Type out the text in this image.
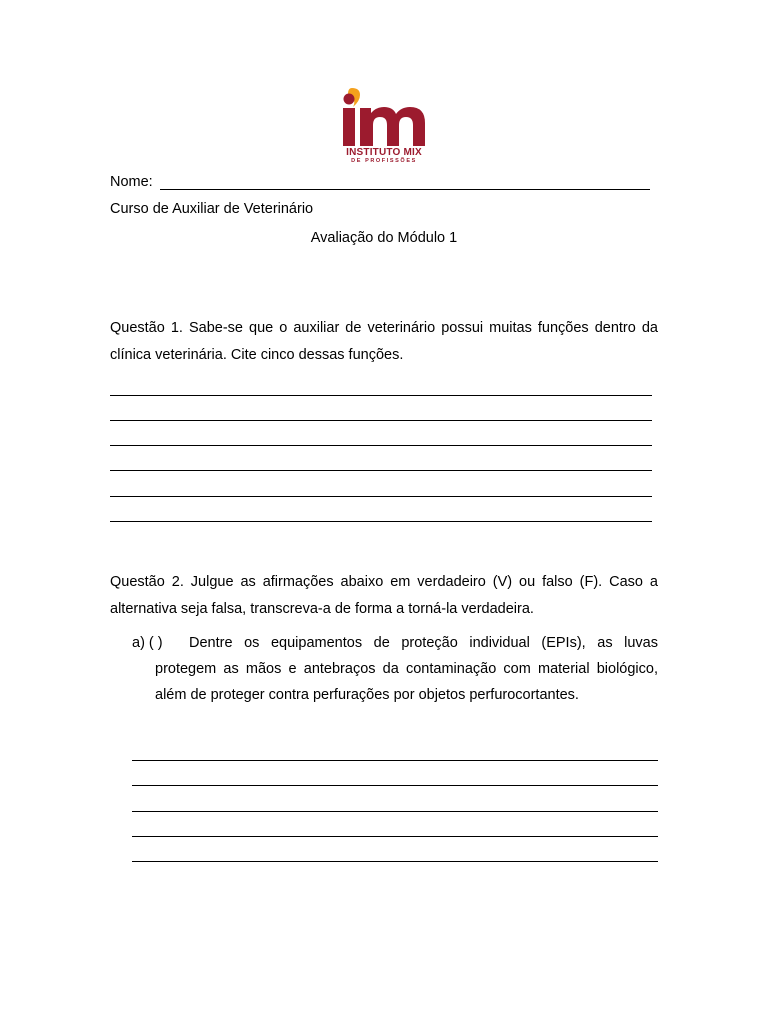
INSTITUTO MIX
DE PROFISSÕES
Nome:
Curso de Auxiliar de Veterinário
Avaliação do Módulo 1
Questão 1. Sabe-se que o auxiliar de veterinário possui muitas funções dentro da clínica veterinária. Cite cinco dessas funções.
Questão 2. Julgue as afirmações abaixo em verdadeiro (V) ou falso (F). Caso a alternativa seja falsa, transcreva-a de forma a torná-la verdadeira.
a) ( )	Dentre os equipamentos de proteção individual (EPIs), as luvas protegem as mãos e antebraços da contaminação com material biológico, além de proteger contra perfurações por objetos perfurocortantes.
